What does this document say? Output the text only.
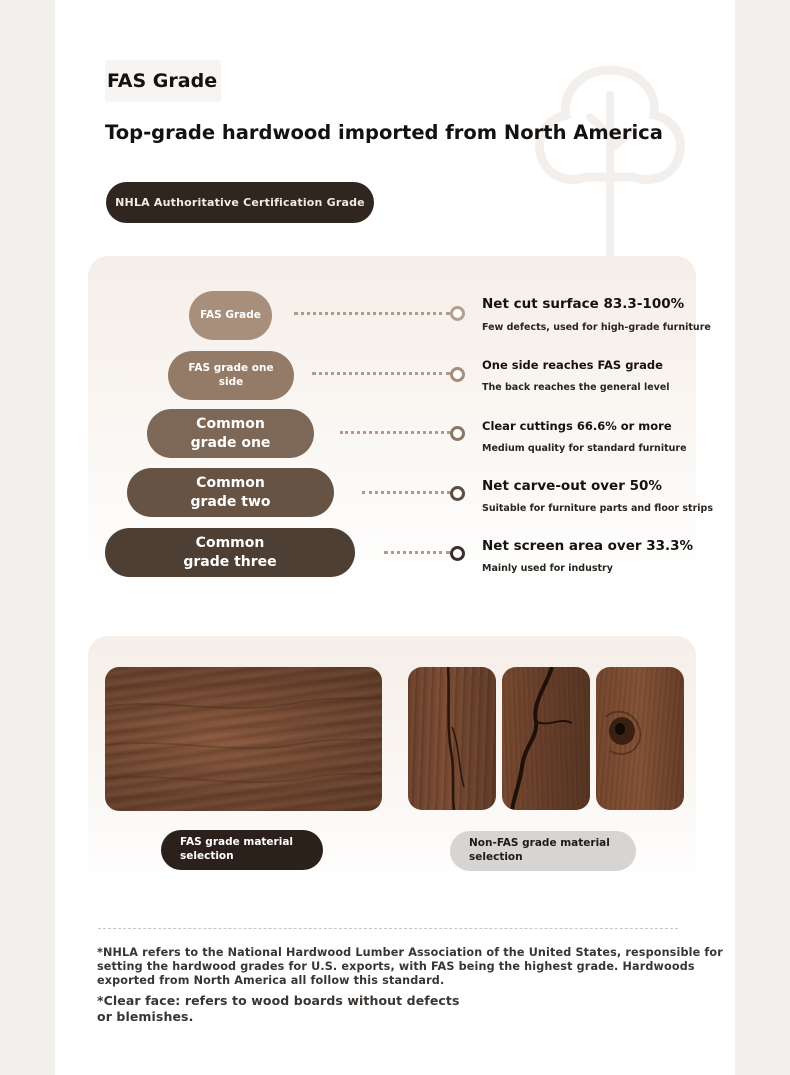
FAS Grade
Top-grade hardwood imported from North America
NHLA Authoritative Certification Grade
FAS Grade
Net cut surface 83.3-100%
Few defects, used for high-grade furniture
FAS grade one side
One side reaches FAS grade
The back reaches the general level
Common grade one
Clear cuttings 66.6% or more
Medium quality for standard furniture
Common grade two
Net carve-out over 50%
Suitable for furniture parts and floor strips
Common grade three
Net screen area over 33.3%
Mainly used for industry
FAS grade material selection
Non-FAS grade material selection
*NHLA refers to the National Hardwood Lumber Association of the United States, responsible for setting the hardwood grades for U.S. exports, with FAS being the highest grade. Hardwoods exported from North America all follow this standard.
*Clear face: refers to wood boards without defects or blemishes.
